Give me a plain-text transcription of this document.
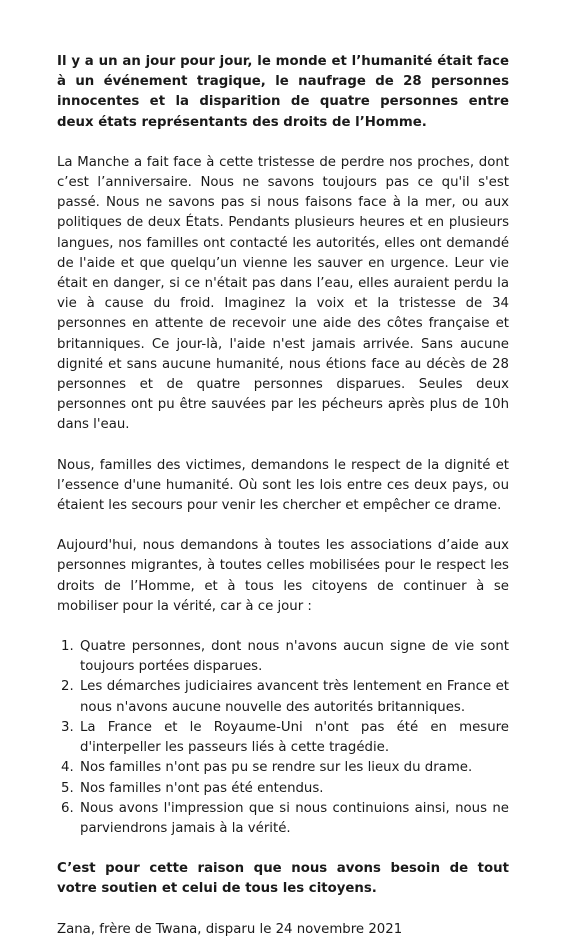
Il y a un an jour pour jour, le monde et l’humanité était face à un événement tragique, le naufrage de 28 personnes innocentes et la disparition de quatre personnes entre deux états représentants des droits de l’Homme.

La Manche a fait face à cette tristesse de perdre nos proches, dont c’est l’anniversaire. Nous ne savons toujours pas ce qu'il s'est passé. Nous ne savons pas si nous faisons face à la mer, ou aux politiques de deux États. Pendants plusieurs heures et en plusieurs langues, nos familles ont contacté les autorités, elles ont demandé de l'aide et que quelqu’un vienne les sauver en urgence. Leur vie était en danger, si ce n'était pas dans l’eau, elles auraient perdu la vie à cause du froid. Imaginez la voix et la tristesse de 34 personnes en attente de recevoir une aide des côtes française et britanniques. Ce jour-là, l'aide n'est jamais arrivée. Sans aucune dignité et sans aucune humanité, nous étions face au décès de 28 personnes et de quatre personnes disparues. Seules deux personnes ont pu être sauvées par les pécheurs après plus de 10h dans l'eau.

Nous, familles des victimes, demandons le respect de la dignité et l’essence d'une humanité. Où sont les lois entre ces deux pays, ou étaient les secours pour venir les chercher et empêcher ce drame.

Aujourd'hui, nous demandons à toutes les associations d’aide aux personnes migrantes, à toutes celles mobilisées pour le respect les droits de l’Homme, et à tous les citoyens de continuer à se mobiliser pour la vérité, car à ce jour :

1. Quatre personnes, dont nous n'avons aucun signe de vie sont toujours portées disparues.
2. Les démarches judiciaires avancent très lentement en France et nous n'avons aucune nouvelle des autorités britanniques.
3. La France et le Royaume-Uni n'ont pas été en mesure d'interpeller les passeurs liés à cette tragédie.
4. Nos familles n'ont pas pu se rendre sur les lieux du drame.
5. Nos familles n'ont pas été entendus.
6. Nous avons l'impression que si nous continuions ainsi, nous ne parviendrons jamais à la vérité.

C’est pour cette raison que nous avons besoin de tout votre soutien et celui de tous les citoyens.

Zana, frère de Twana, disparu le 24 novembre 2021
